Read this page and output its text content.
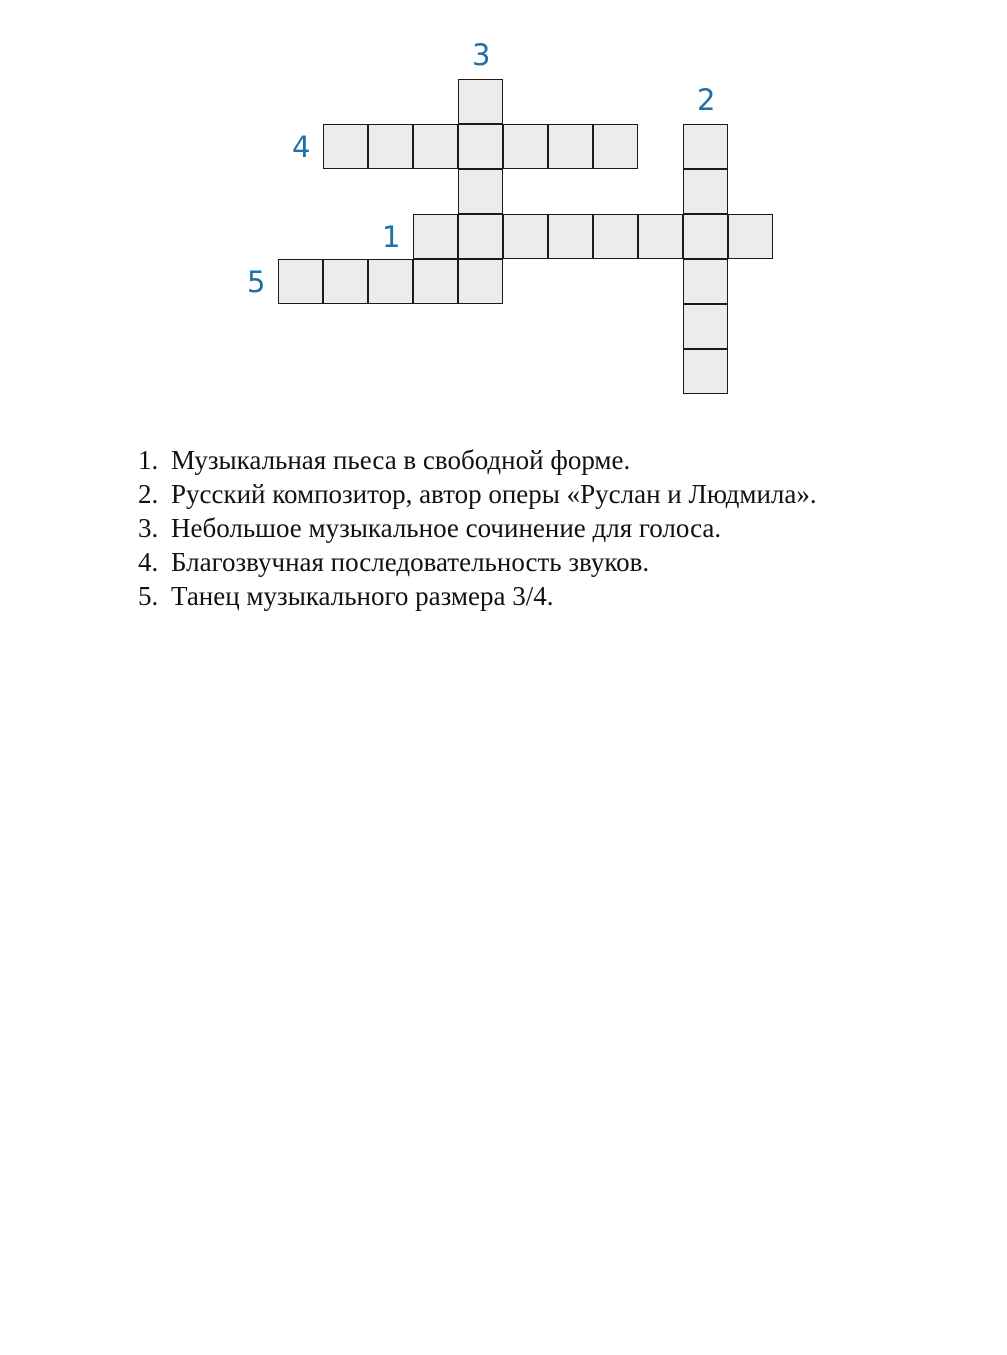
1
2
3
4
5
1. Музыкальная пьеса в свободной форме.
2. Русский композитор, автор оперы «Руслан и Людмила».
3. Небольшое музыкальное сочинение для голоса.
4. Благозвучная последовательность звуков.
5. Танец музыкального размера 3/4.
